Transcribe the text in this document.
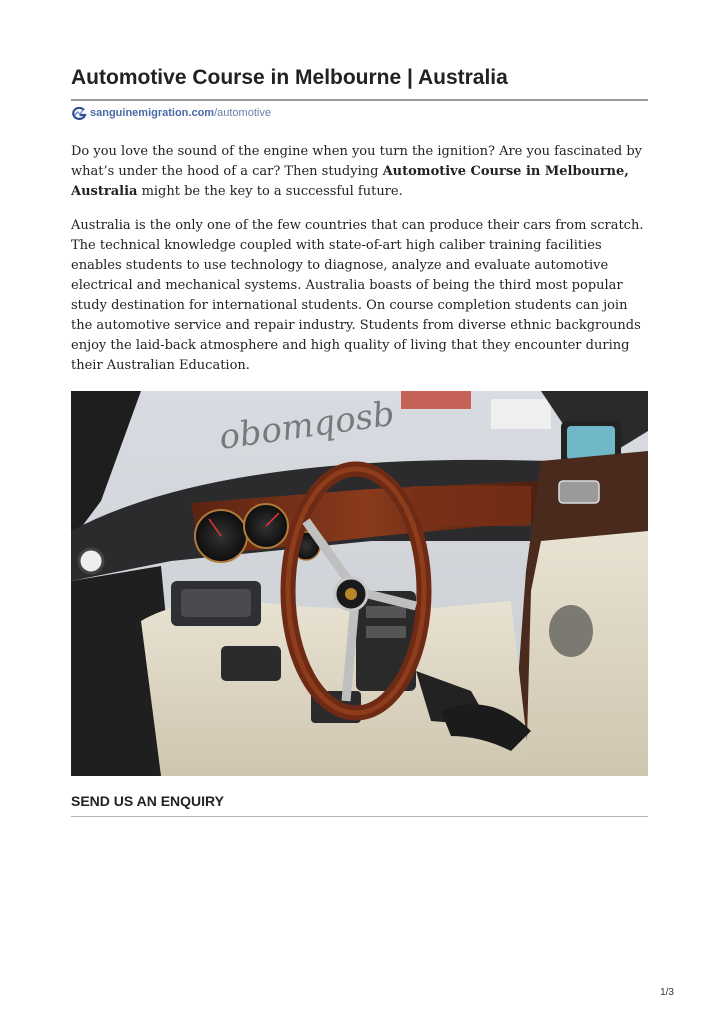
Automotive Course in Melbourne | Australia
sanguinemigration.com /automotive

Do you love the sound of the engine when you turn the ignition? Are you fascinated by what’s under the hood of a car? Then studying Automotive Course in Melbourne, Australia might be the key to a successful future.

Australia is the only one of the few countries that can produce their cars from scratch. The technical knowledge coupled with state-of-art high caliber training facilities enables students to use technology to diagnose, analyze and evaluate automotive electrical and mechanical systems. Australia boasts of being the third most popular study destination for international students. On course completion students can join the automotive service and repair industry. Students from diverse ethnic backgrounds enjoy the laid-back atmosphere and high quality of living that they encounter during their Australian Education.

obomqosb
SEND US AN ENQUIRY
1/3
